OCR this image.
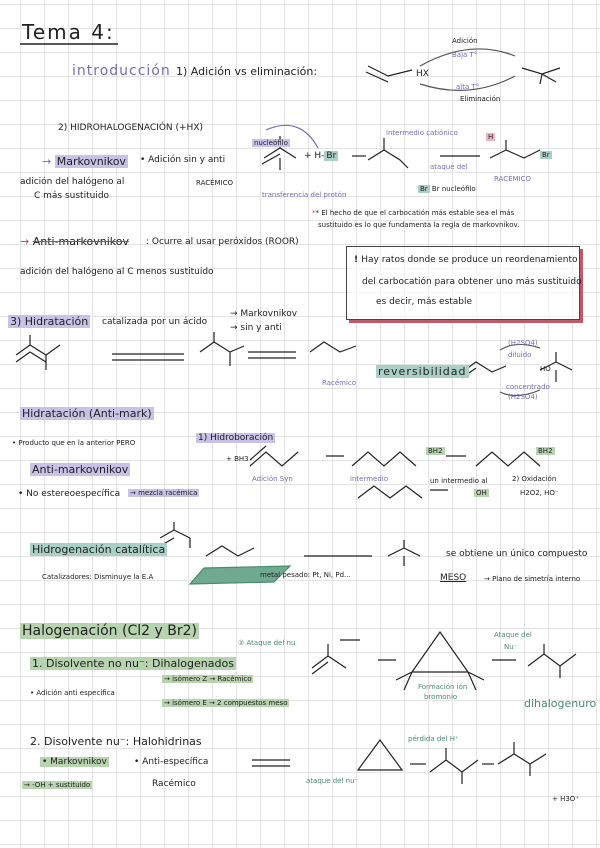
Tema 4:
introducción 1) Adición vs eliminación:	HX
Adición
Baja T°
alta T°
Eliminación
2) HIDROHALOGENACIÓN (+HX)
→ Markovnikov • Adición sin y anti
RACÉMICO
adición del halógeno al
C más sustituido
nucleófilo
+ H- Br
transferencia del protón
intermedio catiónico
ataque del
Br Br nucleófilo
H
Br
RACÉMICO
** El hecho de que el carbocatión más estable sea el más
sustituido es lo que fundamenta la regla de markovnikov.
→ Anti-markovnikov : Ocurre al usar peróxidos (ROOR)
adición del halógeno al C menos sustituido
! Hay ratos donde se produce un reordenamiento
del carbocatión para obtener uno más sustituido
es decir, más estable
3) Hidratación catalizada por un ácido
→ Markovnikov
→ sin y anti
Racémico
reversibilidad
(H2SO4)
diluido
concentrado
(H2SO4)
HO
Hidratación (Anti-mark)
• Producto que en la anterior PERO
Anti-markovnikov
• No estereoespecífica → mezcla racémica
1) Hidroboración
+ BH3
Adición Syn	intermedio
BH2	BH2
un intermedio al
OH
2) Oxidación
H2O2, HO⁻
Hidrogenación catalítica
Catalizadores: Disminuye la E.A	metal pesado: Pt, Ni, Pd...
se obtiene un único compuesto
MESO	→ Plano de simetría interno
Halogenación (Cl2 y Br2)
② Ataque del nu
Ataque del
Nu⁻
Formación ión
bromonio
1. Disolvente no nu⁻: Dihalogenados
• Adición anti específica
→ isómero Z → Racémico
→ isómero E → 2 compuestos meso	dihalogenuro
2. Disolvente nu⁻: Halohidrinas
• Markovnikov	• Anti-específica
→ -OH + sustituido	Racémico	ataque del nu⁻
pérdida del H⁺
+ H3O⁺
